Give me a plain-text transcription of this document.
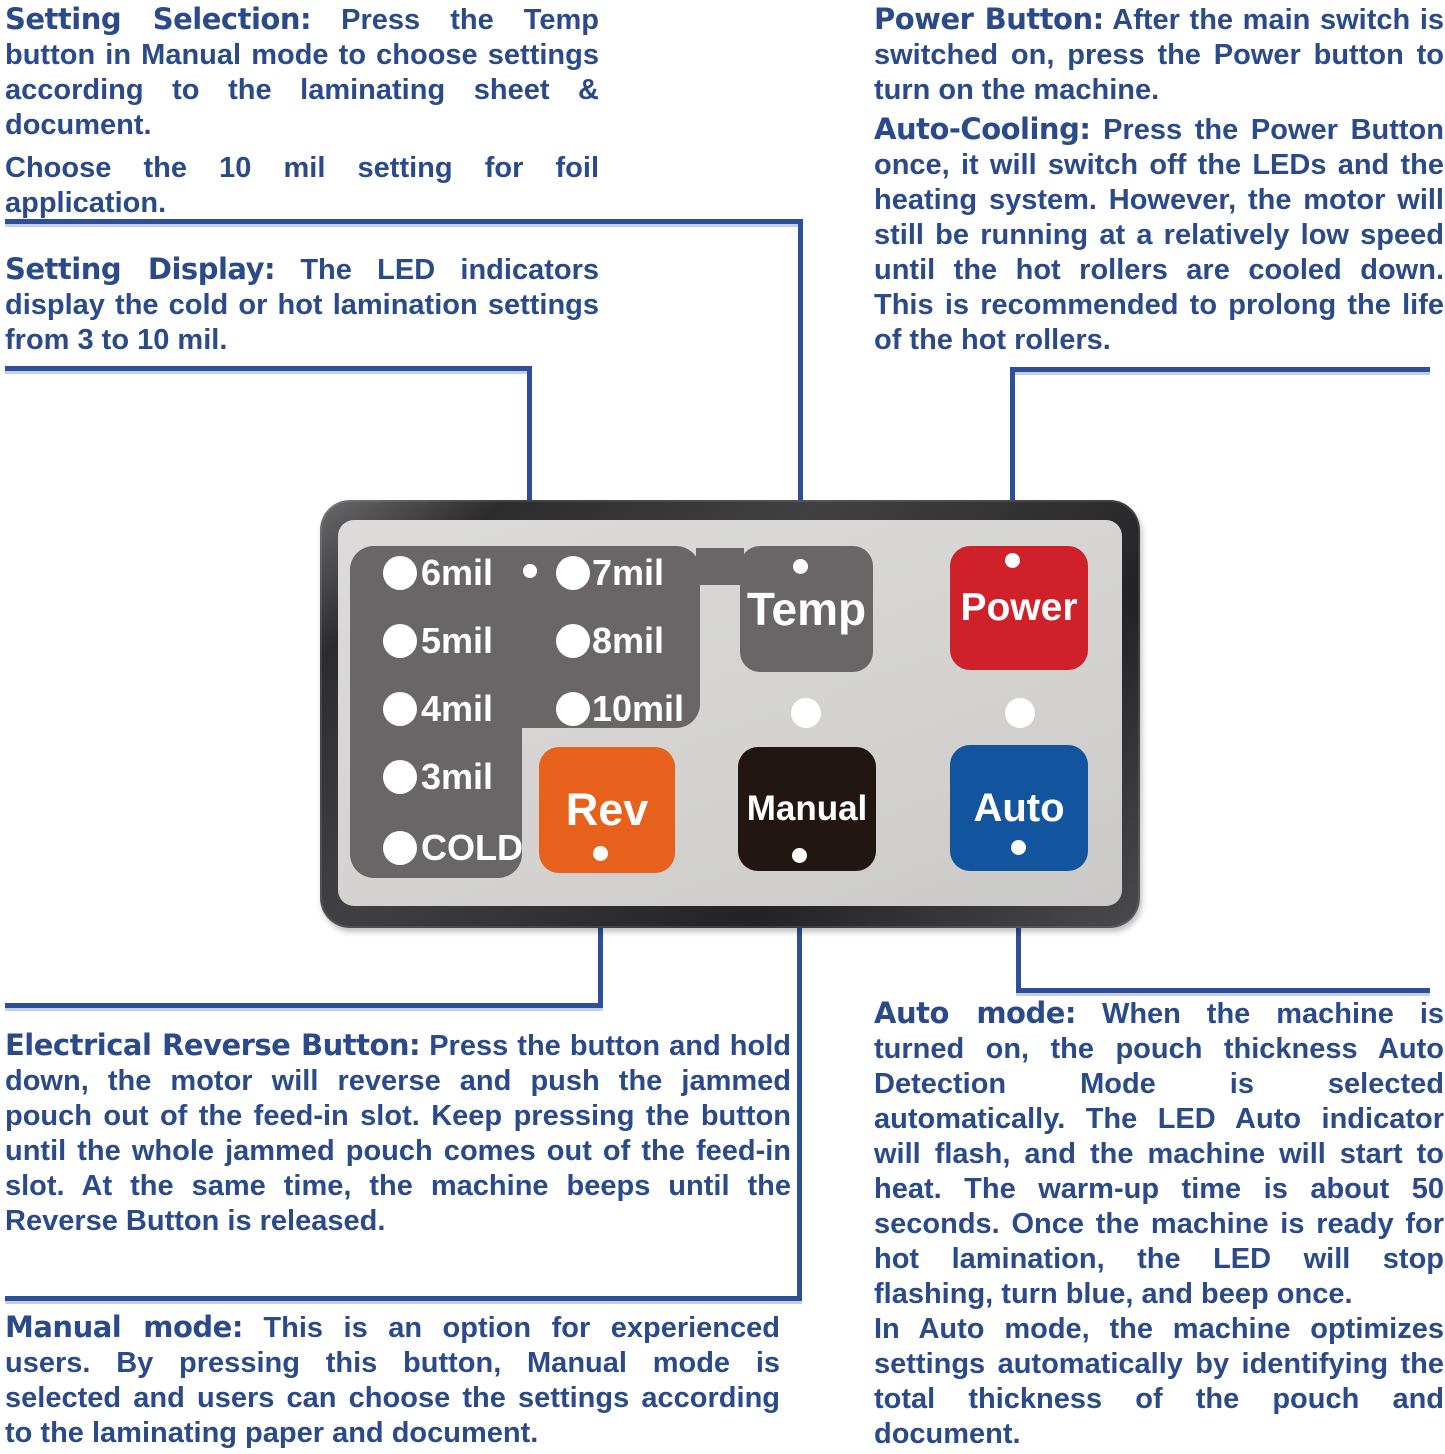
Setting Selection: Press the Temp button in Manual mode to choose settings according to the laminating sheet & document.

Choose the 10 mil setting for foil application.

Setting Display: The LED indicators display the cold or hot lamination settings from 3 to 10 mil.

Power Button: After the main switch is switched on, press the Power button to turn on the machine.

Auto-Cooling: Press the Power Button once, it will switch off the LEDs and the heating system. However, the motor will still be running at a relatively low speed until the hot rollers are cooled down. This is recommended to prolong the life of the hot rollers.

Electrical Reverse Button: Press the button and hold down, the motor will reverse and push the jammed pouch out of the feed-in slot. Keep pressing the button until the whole jammed pouch comes out of the feed-in slot. At the same time, the machine beeps until the Reverse Button is released.

Manual mode: This is an option for experienced users. By pressing this button, Manual mode is selected and users can choose the settings according to the laminating paper and document.

Auto mode: When the machine is turned on, the pouch thickness Auto Detection Mode is selected automatically. The LED Auto indicator will flash, and the machine will start to heat. The warm-up time is about 50 seconds. Once the machine is ready for hot lamination, the LED will stop flashing, turn blue, and beep once.

In Auto mode, the machine optimizes settings automatically by identifying the total thickness of the pouch and document.

6mil
5mil
4mil
3mil
COLD
7mil
8mil
10mil
Temp Power
Rev	Manual	Auto
